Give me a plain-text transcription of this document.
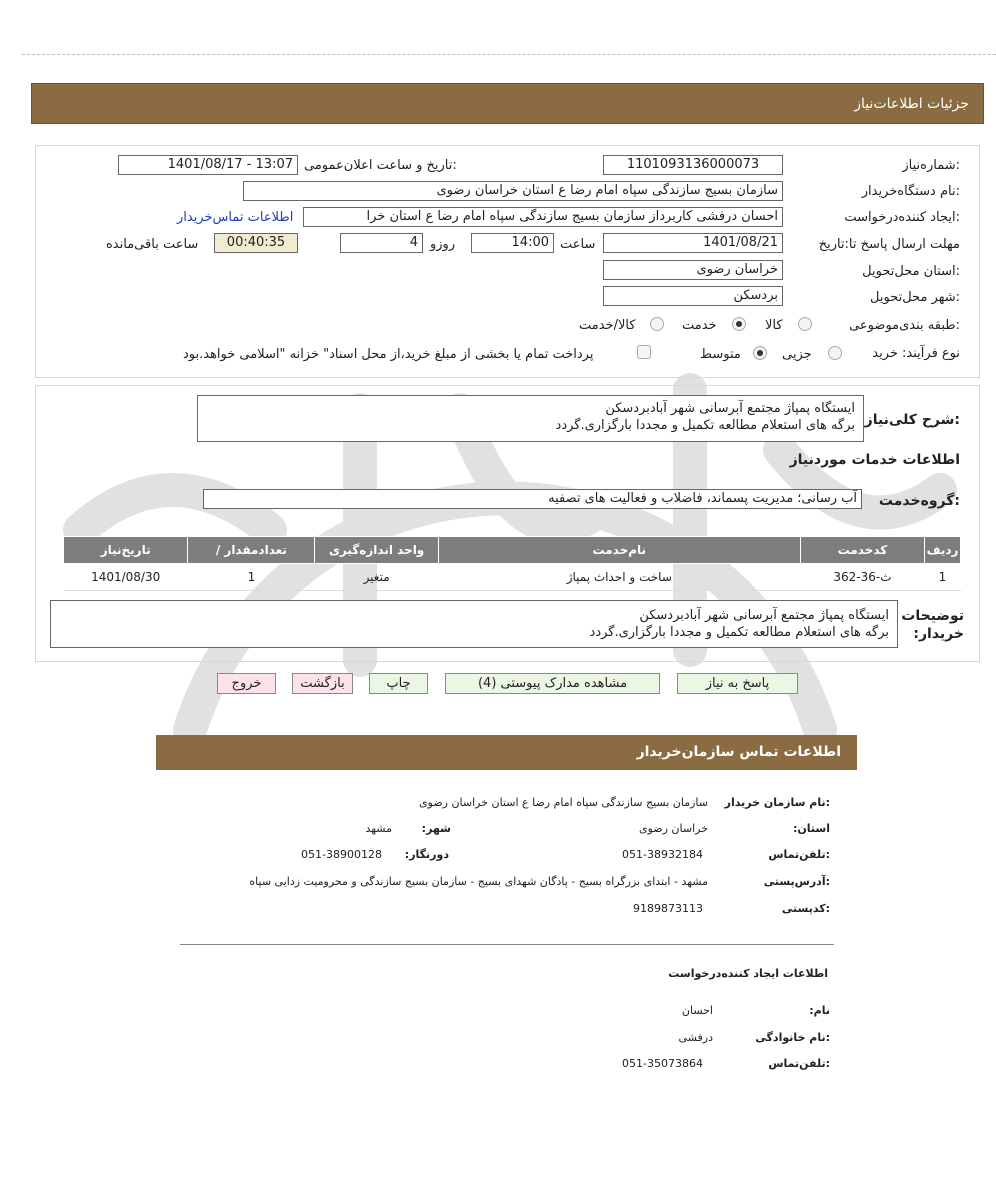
جزئیات اطلاعات‌نیاز
شماره‌نیاز:
1101093136000073
تاریخ و ساعت اعلان‌عمومی:
1401/08/17 - 13:07
نام دستگاه‌خریدار:
سازمان بسیج سازندگی سپاه امام رضا ع استان خراسان رضوی
ایجاد کننده‌درخواست:
احسان درفشی کاربرداز سازمان بسیج سازندگی سپاه امام رضا ع استان خرا
اطلاعات تماس‌خریدار
مهلت ارسال پاسخ تا:تاریخ
1401/08/21
ساعت
14:00
روزو
4
00:40:35
ساعت باقی‌مانده
استان محل‌تحویل:
خراسان رضوی
شهر محل‌تحویل:
بردسکن
طبقه بندی‌موضوعی:
کالا
خدمت
کالا/خدمت
نوع فرآیند: خرید
جزیی
متوسط
پرداخت تمام یا بخشی از مبلغ خرید،از محل اسناد" خزانه "اسلامی خواهد.بود
شرح کلی‌نیاز:
ایستگاه پمپاژ مجتمع آبرسانی شهر آبادبردسکن
برگه های استعلام مطالعه تکمیل و مجددا بارگزاری.گردد
اطلاعات خدمات موردنیاز
گروه‌خدمت:
آب رسانی؛ مدیریت پسماند، فاضلاب و فعالیت های تصفیه
تاریخ‌نیاز	/ تعدادمقدار	واحد اندازه‌گیری	نام‌خدمت	کدخدمت	ردیف
1401/08/30	1	متغیر	ساخت و احداث پمپاژ	ث-36-362	1
توضیحات
:خریدار
ایستگاه پمپاژ مجتمع آبرسانی شهر آبادبردسکن
برگه های استعلام مطالعه تکمیل و مجددا بارگزاری.گردد
پاسخ به نیاز
مشاهده مدارک پیوستی (4)
چاپ
بازگشت
خروج
اطلاعات تماس سازمان‌خریدار
نام سازمان خریدار:
سازمان بسیج سازندگی سپاه امام رضا ع استان خراسان رضوی
:استان
خراسان رضوی
:شهر
مشهد
تلفن‌تماس:
051-38932184
:دورنگار
051-38900128
آدرس‌پستی:
مشهد - ابتدای بزرگراه بسیج - پادگان شهدای بسیج - سازمان بسیج سازندگی و محرومیت زدایی سپاه
کدپستی:
9189873113
اطلاعات ایجاد کننده‌درخواست
:نام
احسان
نام خانوادگی:
درفشی
تلفن‌تماس:
051-35073864
